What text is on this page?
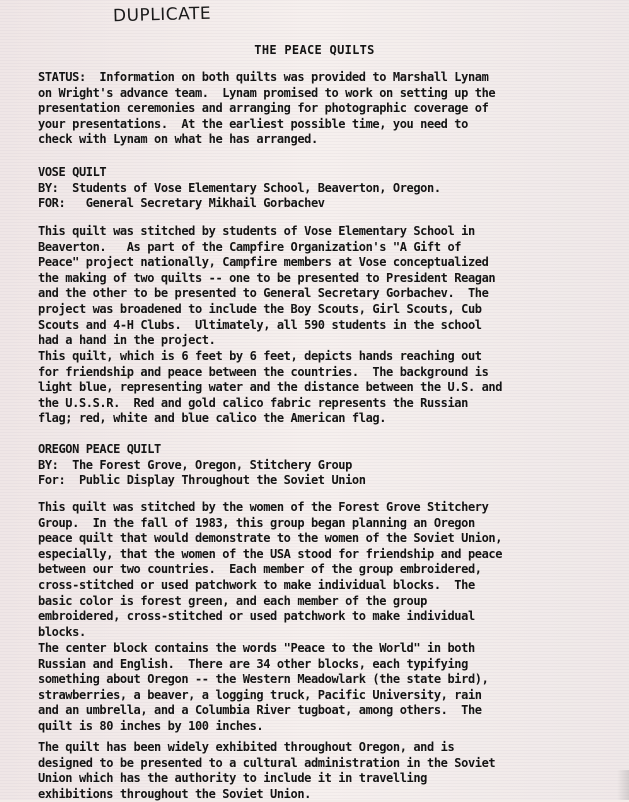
DUPLICATE
THE PEACE QUILTS
STATUS:  Information on both quilts was provided to Marshall Lynam
on Wright's advance team.  Lynam promised to work on setting up the
presentation ceremonies and arranging for photographic coverage of
your presentations.  At the earliest possible time, you need to
check with Lynam on what he has arranged.
VOSE QUILT
BY:  Students of Vose Elementary School, Beaverton, Oregon.
FOR:   General Secretary Mikhail Gorbachev
This quilt was stitched by students of Vose Elementary School in
Beaverton.   As part of the Campfire Organization's "A Gift of
Peace" project nationally, Campfire members at Vose conceptualized
the making of two quilts -- one to be presented to President Reagan
and the other to be presented to General Secretary Gorbachev.  The
project was broadened to include the Boy Scouts, Girl Scouts, Cub
Scouts and 4-H Clubs.  Ultimately, all 590 students in the school
had a hand in the project.
This quilt, which is 6 feet by 6 feet, depicts hands reaching out
for friendship and peace between the countries.  The background is
light blue, representing water and the distance between the U.S. and
the U.S.S.R.  Red and gold calico fabric represents the Russian
flag; red, white and blue calico the American flag.
OREGON PEACE QUILT
BY:  The Forest Grove, Oregon, Stitchery Group
For:  Public Display Throughout the Soviet Union
This quilt was stitched by the women of the Forest Grove Stitchery
Group.  In the fall of 1983, this group began planning an Oregon
peace quilt that would demonstrate to the women of the Soviet Union,
especially, that the women of the USA stood for friendship and peace
between our two countries.  Each member of the group embroidered,
cross-stitched or used patchwork to make individual blocks.  The
basic color is forest green, and each member of the group
embroidered, cross-stitched or used patchwork to make individual
blocks.
The center block contains the words "Peace to the World" in both
Russian and English.  There are 34 other blocks, each typifying
something about Oregon -- the Western Meadowlark (the state bird),
strawberries, a beaver, a logging truck, Pacific University, rain
and an umbrella, and a Columbia River tugboat, among others.  The
quilt is 80 inches by 100 inches.
The quilt has been widely exhibited throughout Oregon, and is
designed to be presented to a cultural administration in the Soviet
Union which has the authority to include it in travelling
exhibitions throughout the Soviet Union.
